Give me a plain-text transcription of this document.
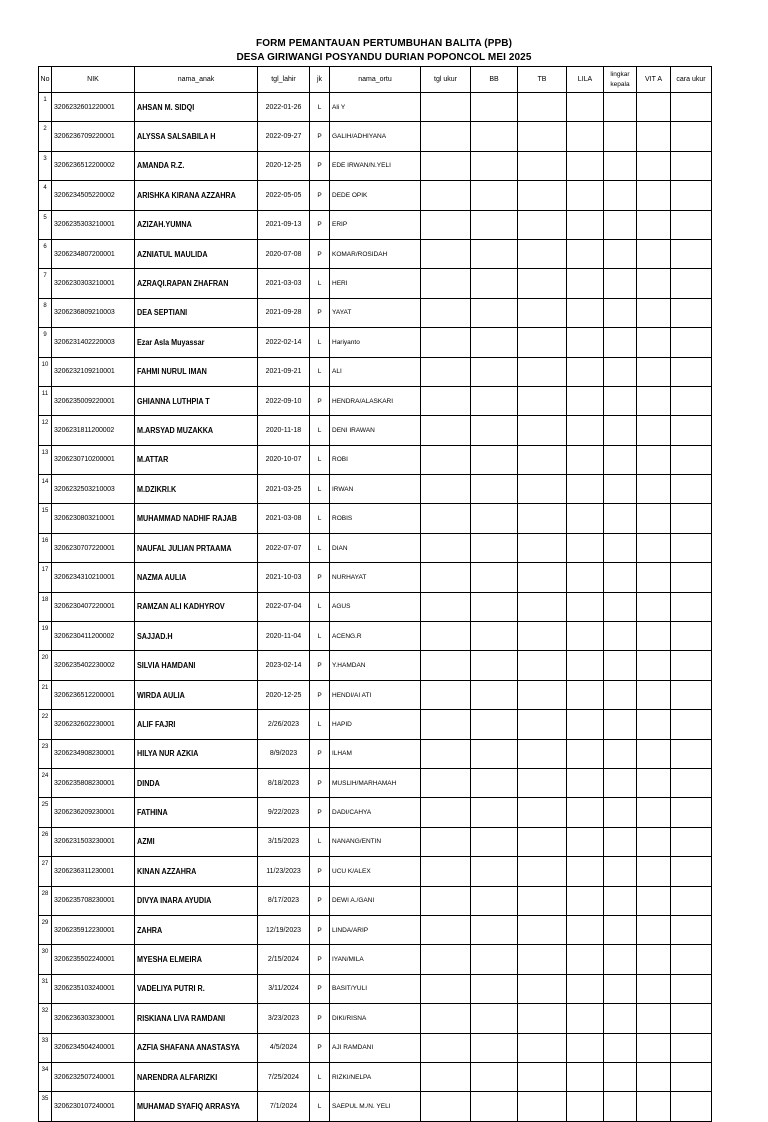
FORM PEMANTAUAN PERTUMBUHAN BALITA (PPB)
DESA GIRIWANGI POSYANDU DURIAN POPONCOL MEI 2025
No	NIK	nama_anak	tgl_lahir	jk	nama_ortu	tgl ukur	BB	TB	LILA	lingkar kepala	VIT A	cara ukur
1	3206232601220001	AHSAN M. SIDQI	2022-01-26	L	Ali Y							
2	3206236709220001	ALYSSA SALSABILA H	2022-09-27	P	GALIH/ADHIYANA							
3	3206236512200002	AMANDA R.Z.	2020-12-25	P	EDE IRWAN/N.YELI							
4	3206234505220002	ARISHKA KIRANA AZZAHRA	2022-05-05	P	DEDE OPIK							
5	3206235303210001	AZIZAH.YUMNA	2021-09-13	P	ERIP							
6	3206234807200001	AZNIATUL MAULIDA	2020-07-08	P	KOMAR/ROSIDAH							
7	3206230303210001	AZRAQI.RAPAN ZHAFRAN	2021-03-03	L	HERI							
8	3206236809210003	DEA SEPTIANI	2021-09-28	P	YAYAT							
9	3206231402220003	Ezar Asla Muyassar	2022-02-14	L	Hariyanto							
10	3206232109210001	FAHMI NURUL IMAN	2021-09-21	L	ALI							
11	3206235009220001	GHIANNA LUTHPIA T	2022-09-10	P	HENDRA/ALASKARI							
12	3206231811200002	M.ARSYAD MUZAKKA	2020-11-18	L	DENI IRAWAN							
13	3206230710200001	M.ATTAR	2020-10-07	L	ROBI							
14	3206232503210003	M.DZIKRI.K	2021-03-25	L	IRWAN							
15	3206230803210001	MUHAMMAD NADHIF RAJAB	2021-03-08	L	ROBIS							
16	3206230707220001	NAUFAL JULIAN PRTAAMA	2022-07-07	L	DIAN							
17	3206234310210001	NAZMA AULIA	2021-10-03	P	NURHAYAT							
18	3206230407220001	RAMZAN ALI KADHYROV	2022-07-04	L	AGUS							
19	3206230411200002	SAJJAD.H	2020-11-04	L	ACENG.R							
20	3206235402230002	SILVIA HAMDANI	2023-02-14	P	Y.HAMDAN							
21	3206236512200001	WIRDA AULIA	2020-12-25	P	HENDI/AI ATI							
22	3206232602230001	ALIF FAJRI	2/26/2023	L	HAPID							
23	3206234908230001	HILYA NUR AZKIA	8/9/2023	P	ILHAM							
24	3206235808230001	DINDA	8/18/2023	P	MUSLIH/MARHAMAH							
25	3206236209230001	FATHINA	9/22/2023	P	DADI/CAHYA							
26	3206231503230001	AZMI	3/15/2023	L	NANANG/ENTIN							
27	3206236311230001	KINAN AZZAHRA	11/23/2023	P	UCU K/ALEX							
28	3206235708230001	DIVYA INARA AYUDIA	8/17/2023	P	DEWI A./GANI							
29	3206235912230001	ZAHRA	12/19/2023	P	LINDA/ARIP							
30	3206235502240001	MYESHA ELMEIRA	2/15/2024	P	IYAN/MILA							
31	3206235103240001	VADELIYA PUTRI R.	3/11/2024	P	BASIT/YULI							
32	3206236303230001	RISKIANA LIVA RAMDANI	3/23/2023	P	DIKI/RISNA							
33	3206234504240001	AZFIA SHAFANA ANASTASYA	4/5/2024	P	AJI RAMDANI							
34	3206232507240001	NARENDRA ALFARIZKI	7/25/2024	L	RIZKI/NELPA							
35	3206230107240001	MUHAMAD SYAFIQ ARRASYA	7/1/2024	L	SAEPUL M./N. YELI							
